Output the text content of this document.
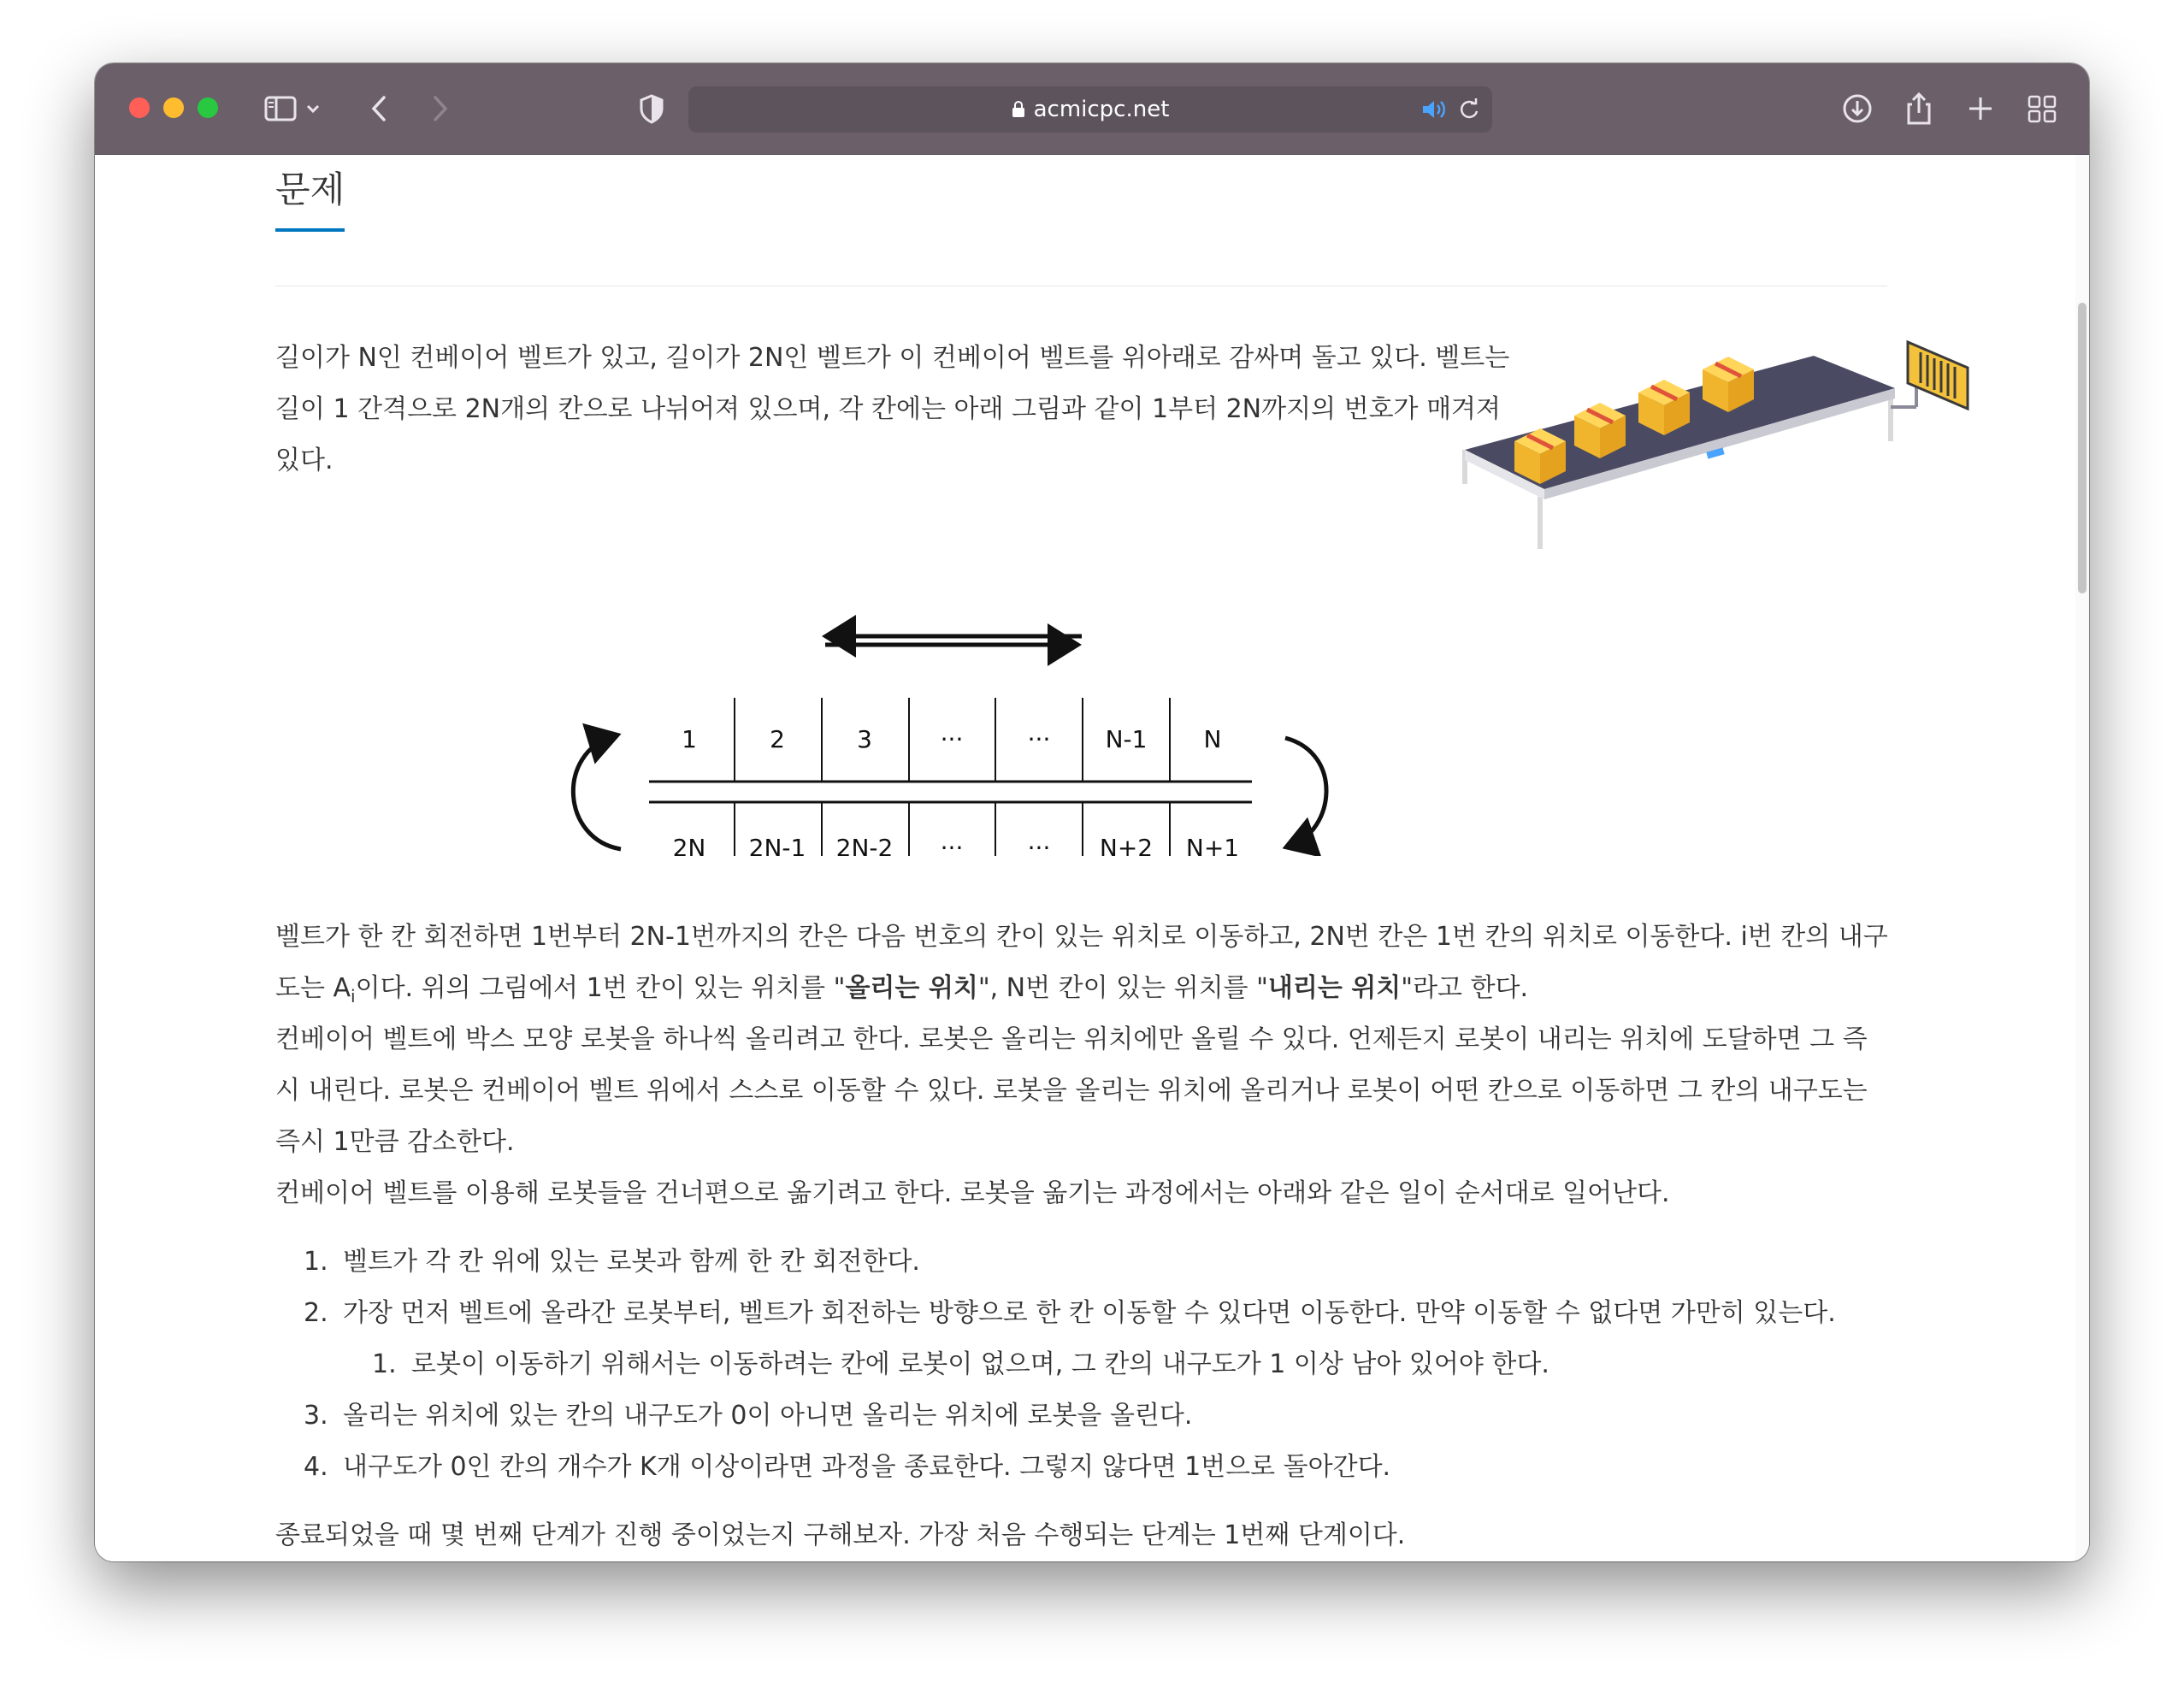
acmicpc.net
문제

길이가 N인 컨베이어 벨트가 있고, 길이가 2N인 벨트가 이 컨베이어 벨트를 위아래로 감싸며 돌고 있다. 벨트는 길이 1 간격으로 2N개의 칸으로 나뉘어져 있으며, 각 칸에는 아래 그림과 같이 1부터 2N까지의 번호가 매겨져 있다.

1	2	3	···	··· N-1 N
2N 2N-1 2N-2 ···	··· N+2 N+1

벨트가 한 칸 회전하면 1번부터 2N-1번까지의 칸은 다음 번호의 칸이 있는 위치로 이동하고, 2N번 칸은 1번 칸의 위치로 이동한다. i번 칸의 내구도는 $A_i$이다. 위의 그림에서 1번 칸이 있는 위치를 "올리는 위치", N번 칸이 있는 위치를 "내리는 위치"라고 한다.

컨베이어 벨트에 박스 모양 로봇을 하나씩 올리려고 한다. 로봇은 올리는 위치에만 올릴 수 있다. 언제든지 로봇이 내리는 위치에 도달하면 그 즉시 내린다. 로봇은 컨베이어 벨트 위에서 스스로 이동할 수 있다. 로봇을 올리는 위치에 올리거나 로봇이 어떤 칸으로 이동하면 그 칸의 내구도는 즉시 1만큼 감소한다.

컨베이어 벨트를 이용해 로봇들을 건너편으로 옮기려고 한다. 로봇을 옮기는 과정에서는 아래와 같은 일이 순서대로 일어난다.

1. 벨트가 각 칸 위에 있는 로봇과 함께 한 칸 회전한다.
2. 가장 먼저 벨트에 올라간 로봇부터, 벨트가 회전하는 방향으로 한 칸 이동할 수 있다면 이동한다. 만약 이동할 수 없다면 가만히 있는다.
1. 로봇이 이동하기 위해서는 이동하려는 칸에 로봇이 없으며, 그 칸의 내구도가 1 이상 남아 있어야 한다.
3. 올리는 위치에 있는 칸의 내구도가 0이 아니면 올리는 위치에 로봇을 올린다.
4. 내구도가 0인 칸의 개수가 K개 이상이라면 과정을 종료한다. 그렇지 않다면 1번으로 돌아간다.

종료되었을 때 몇 번째 단계가 진행 중이었는지 구해보자. 가장 처음 수행되는 단계는 1번째 단계이다.
